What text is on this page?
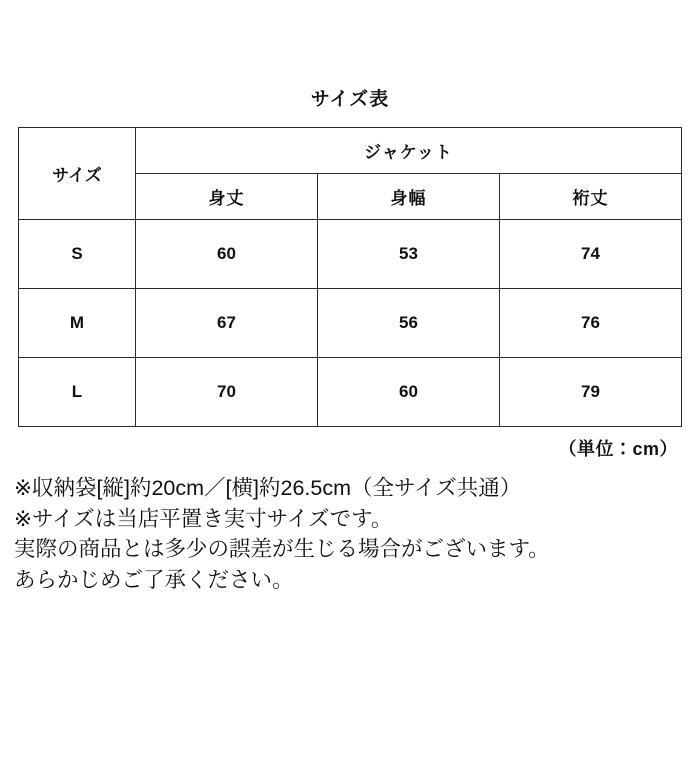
サイズ表
サイズ	ジャケット		
	身丈	身幅	裄丈
S	60	53	74
M	67	56	76
L	70	60	79
（単位：cm）
※収納袋[縦]約20cm／[横]約26.5cm（全サイズ共通）
※サイズは当店平置き実寸サイズです。
実際の商品とは多少の誤差が生じる場合がございます。
あらかじめご了承ください。
